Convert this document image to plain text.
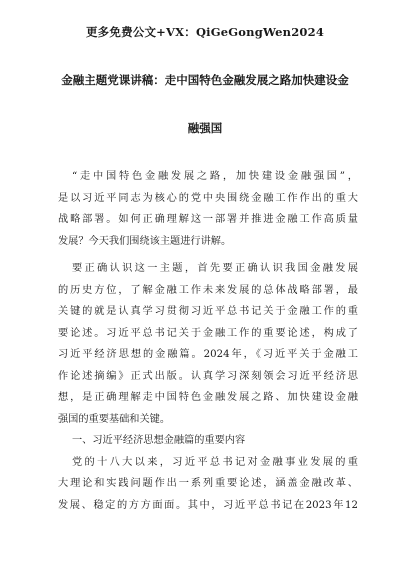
更多免费公文+VX：QiGeGongWen2024
金融主题党课讲稿：走中国特色金融发展之路加快建设金
融强国
“走中国特色金融发展之路，加快建设金融强国”，
是以习近平同志为核心的党中央围绕金融工作作出的重大
战略部署。如何正确理解这一部署并推进金融工作高质量
发展？今天我们围绕该主题进行讲解。
要正确认识这一主题，首先要正确认识我国金融发展
的历史方位，了解金融工作未来发展的总体战略部署，最
关键的就是认真学习贯彻习近平总书记关于金融工作的重
要论述。习近平总书记关于金融工作的重要论述，构成了
习近平经济思想的金融篇。2024年，《习近平关于金融工
作论述摘编》正式出版。认真学习深刻领会习近平经济思
想，是正确理解走中国特色金融发展之路、加快建设金融
强国的重要基础和关键。
一、习近平经济思想金融篇的重要内容
党的十八大以来，习近平总书记对金融事业发展的重
大理论和实践问题作出一系列重要论述，涵盖金融改革、
发展、稳定的方方面面。其中，习近平总书记在2023年12
